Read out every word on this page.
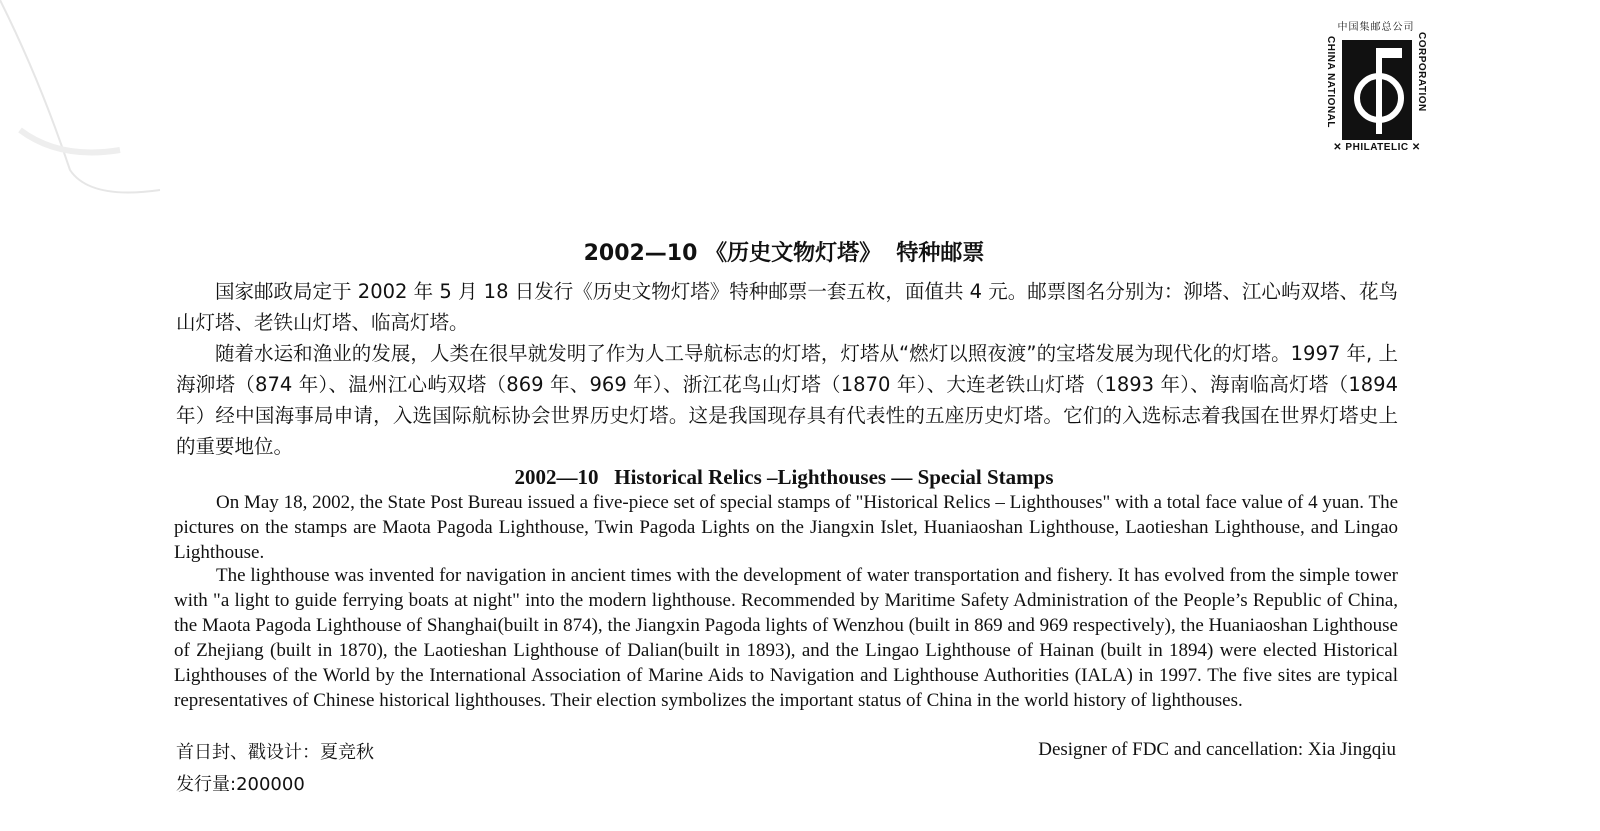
中国集邮总公司
CHINA NATIONAL	CORPORATION
✕ PHILATELIC ✕
2002—10 《历史文物灯塔》  特种邮票

国家邮政局定于 2002 年 5 月 18 日发行《历史文物灯塔》特种邮票一套五枚，面值共 4 元。邮票图名分别为：泖塔、江心屿双塔、花鸟山灯塔、老铁山灯塔、临高灯塔。

随着水运和渔业的发展，人类在很早就发明了作为人工导航标志的灯塔，灯塔从“燃灯以照夜渡”的宝塔发展为现代化的灯塔。1997 年, 上海泖塔（874 年）、温州江心屿双塔（869 年、969 年）、浙江花鸟山灯塔（1870 年）、大连老铁山灯塔（1893 年）、海南临高灯塔（1894 年）经中国海事局申请，入选国际航标协会世界历史灯塔。这是我国现存具有代表性的五座历史灯塔。它们的入选标志着我国在世界灯塔史上的重要地位。

2002—10   Historical Relics –Lighthouses — Special Stamps

On May 18, 2002, the State Post Bureau issued a five-piece set of special stamps of "Historical Relics – Lighthouses" with a total face value of 4 yuan. The pictures on the stamps are Maota Pagoda Lighthouse, Twin Pagoda Lights on the Jiangxin Islet, Huaniaoshan Lighthouse, Laotieshan Lighthouse, and Lingao Lighthouse.

The lighthouse was invented for navigation in ancient times with the development of water transportation and fishery. It has evolved from the simple tower with "a light to guide ferrying boats at night" into the modern lighthouse. Recommended by Maritime Safety Administration of the People’s Republic of China, the Maota Pagoda Lighthouse of Shanghai(built in 874), the Jiangxin Pagoda lights of Wenzhou (built in 869 and 969 respectively), the Huaniaoshan Lighthouse of Zhejiang (built in 1870), the Laotieshan Lighthouse of Dalian(built in 1893), and the Lingao Lighthouse of Hainan (built in 1894) were elected Historical Lighthouses of the World by the International Association of Marine Aids to Navigation and Lighthouse Authorities (IALA) in 1997. The five sites are typical representatives of Chinese historical lighthouses. Their election symbolizes the important status of China in the world history of lighthouses.

首日封、戳设计：夏竞秋	Designer of FDC and cancellation: Xia Jingqiu
发行量:200000
